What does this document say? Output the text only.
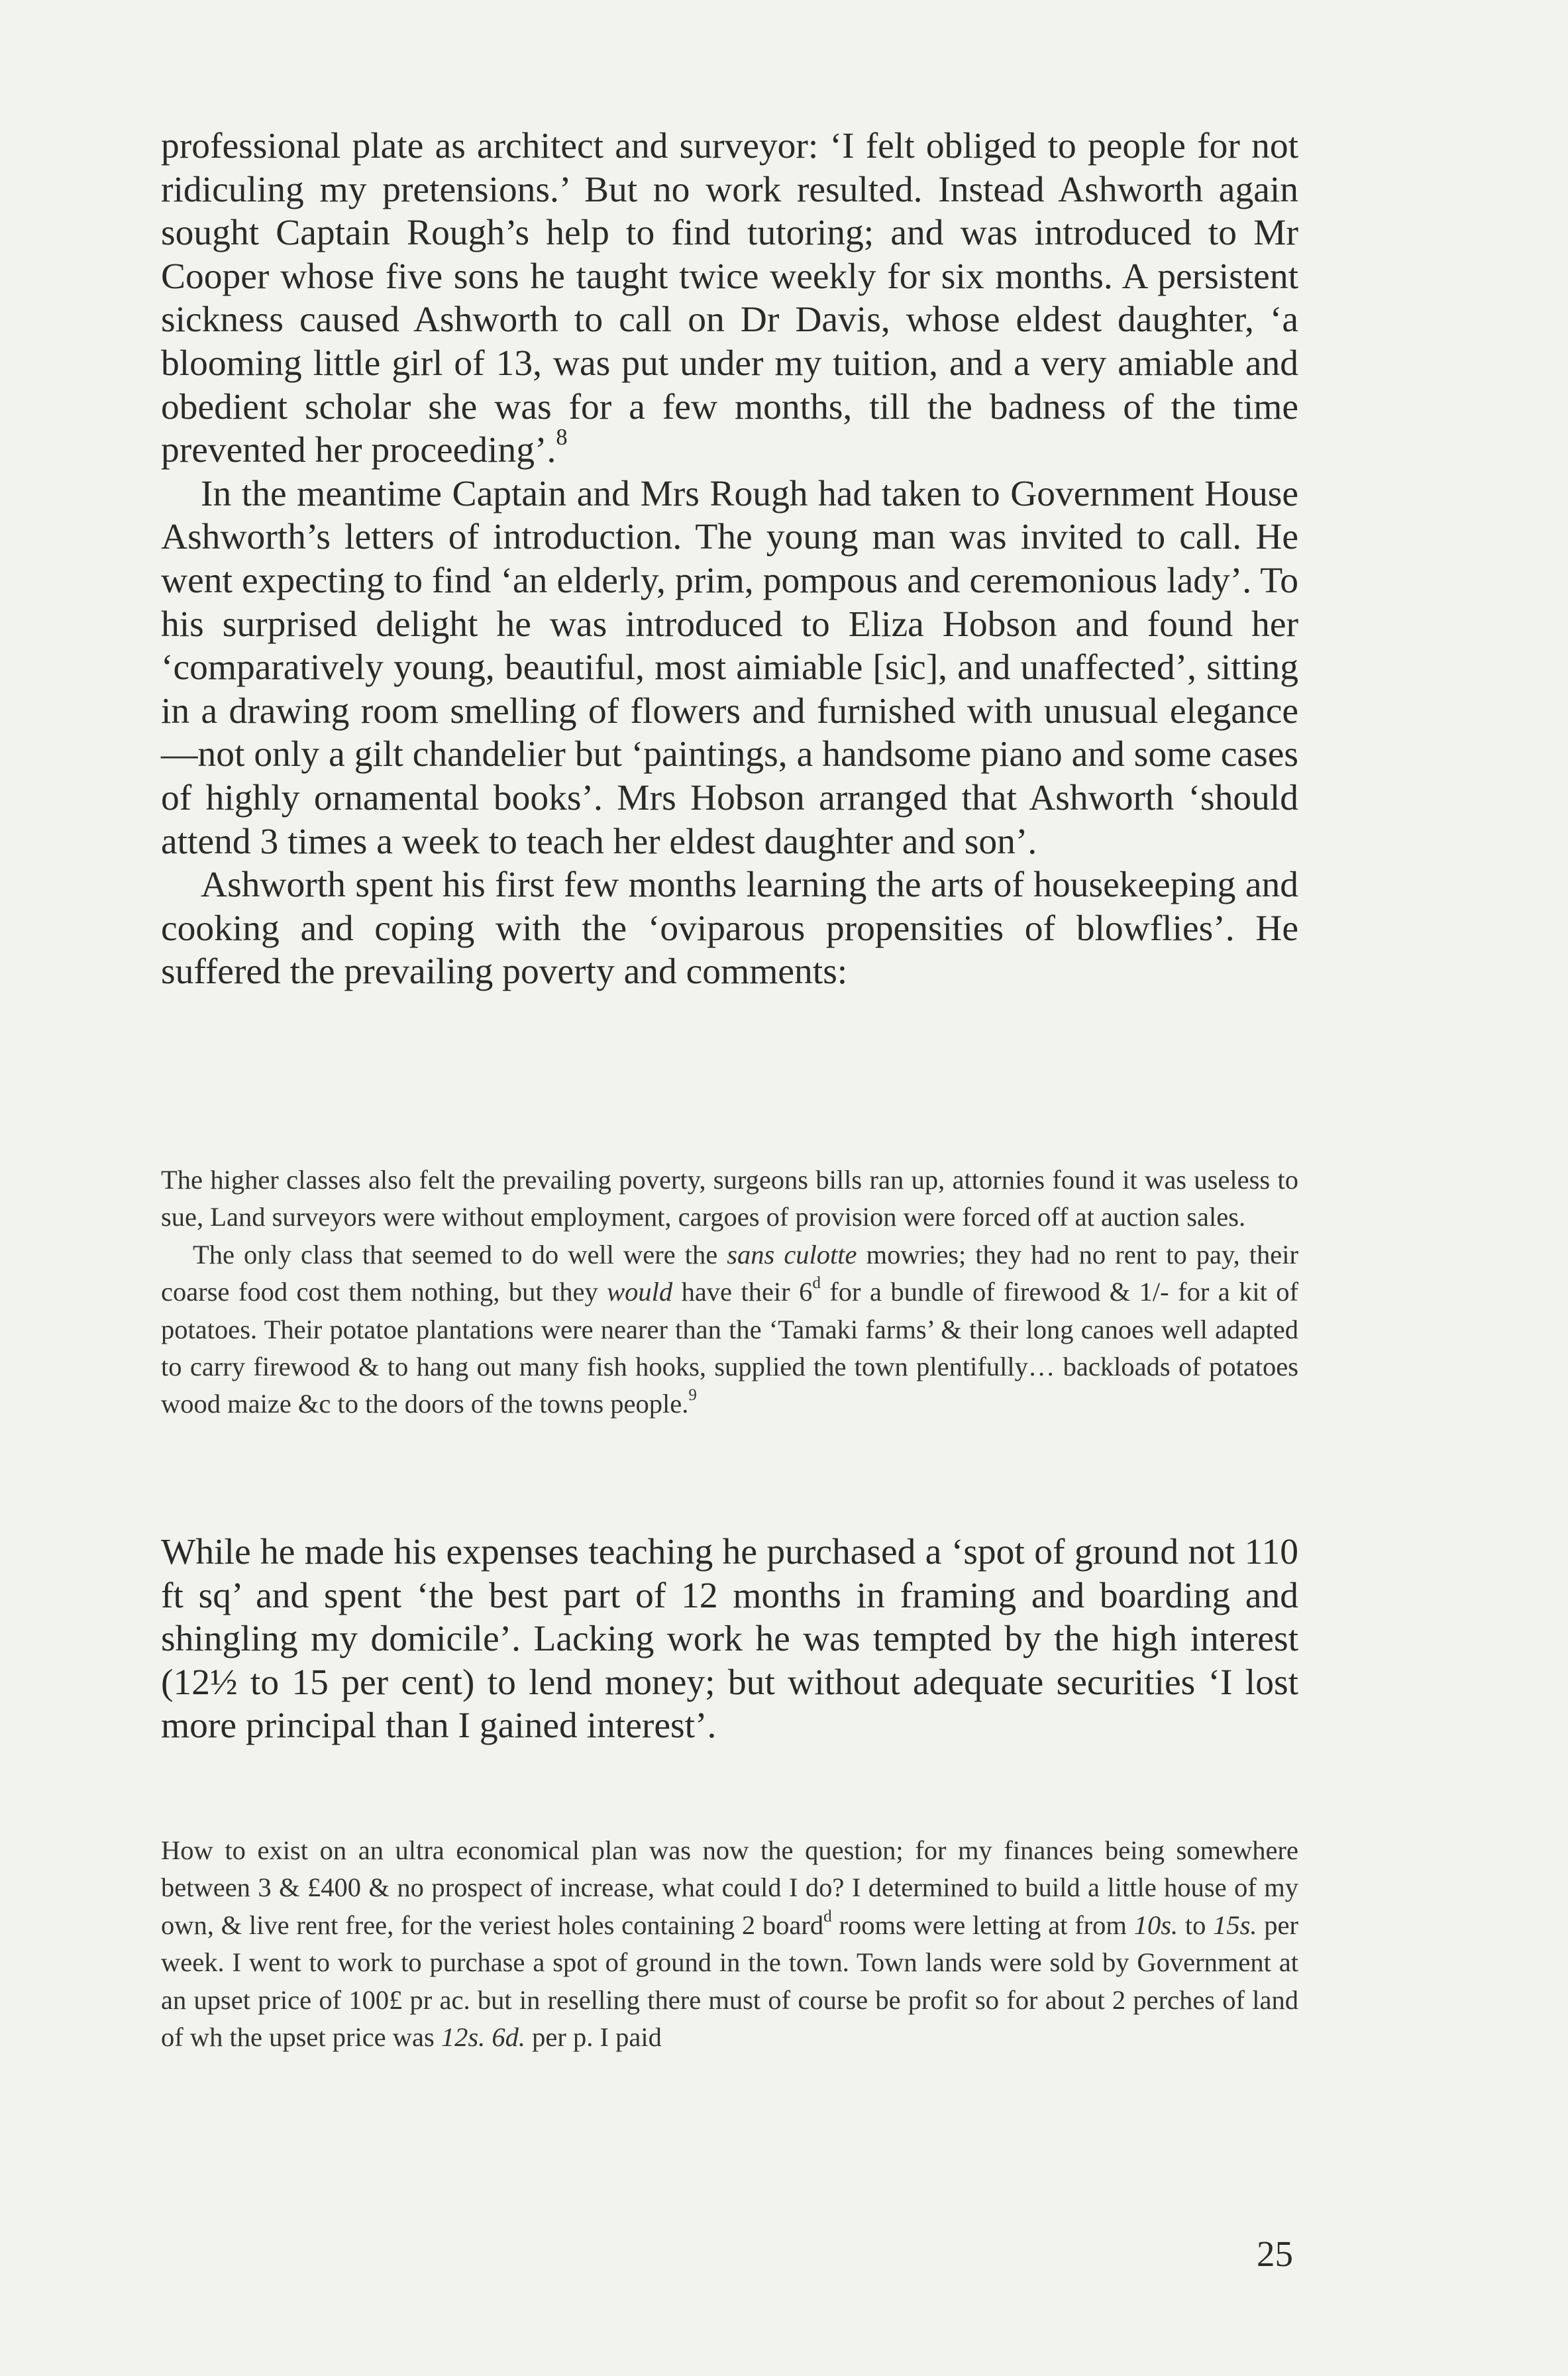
professional plate as architect and surveyor: ‘I felt obliged to people for not ridiculing my pretensions.’ But no work resulted. Instead Ashworth again sought Captain Rough’s help to find tutoring; and was introduced to Mr Cooper whose five sons he taught twice weekly for six months. A persistent sickness caused Ashworth to call on Dr Davis, whose eldest daughter, ‘a blooming little girl of 13, was put under my tuition, and a very amiable and obedient scholar she was for a few months, till the badness of the time prevented her proceeding’.$^8$

In the meantime Captain and Mrs Rough had taken to Government House Ashworth’s letters of introduction. The young man was invited to call. He went expecting to find ‘an elderly, prim, pompous and ceremonious lady’. To his surprised delight he was introduced to Eliza Hobson and found her ‘comparatively young, beautiful, most aimiable [sic], and unaffected’, sitting in a drawing room smelling of flowers and furnished with unusual elegance—not only a gilt chandelier but ‘paintings, a handsome piano and some cases of highly ornamental books’. Mrs Hobson arranged that Ashworth ‘should attend 3 times a week to teach her eldest daughter and son’.

Ashworth spent his first few months learning the arts of housekeeping and cooking and coping with the ‘oviparous propensities of blowflies’. He suffered the prevailing poverty and comments:

The higher classes also felt the prevailing poverty, surgeons bills ran up, attornies found it was useless to sue, Land surveyors were without employment, cargoes of provision were forced off at auction sales.

The only class that seemed to do well were the sans culotte mowries; they had no rent to pay, their coarse food cost them nothing, but they would have their 6$^d$ for a bundle of firewood & 1/- for a kit of potatoes. Their potatoe plantations were nearer than the ‘Tamaki farms’ & their long canoes well adapted to carry firewood & to hang out many fish hooks, supplied the town plentifully… backloads of potatoes wood maize &c to the doors of the towns people.$^9$

While he made his expenses teaching he purchased a ‘spot of ground not 110 ft sq’ and spent ‘the best part of 12 months in framing and boarding and shingling my domicile’. Lacking work he was tempted by the high interest (12½ to 15 per cent) to lend money; but without adequate securities ‘I lost more principal than I gained interest’.

How to exist on an ultra economical plan was now the question; for my finances being somewhere between 3 & £400 & no prospect of increase, what could I do? I determined to build a little house of my own, & live rent free, for the veriest holes containing 2 board$^d$ rooms were letting at from 10s. to 15s. per week. I went to work to purchase a spot of ground in the town. Town lands were sold by Government at an upset price of 100£ pr ac. but in reselling there must of course be profit so for about 2 perches of land of wh the upset price was 12s. 6d. per p. I paid

25
